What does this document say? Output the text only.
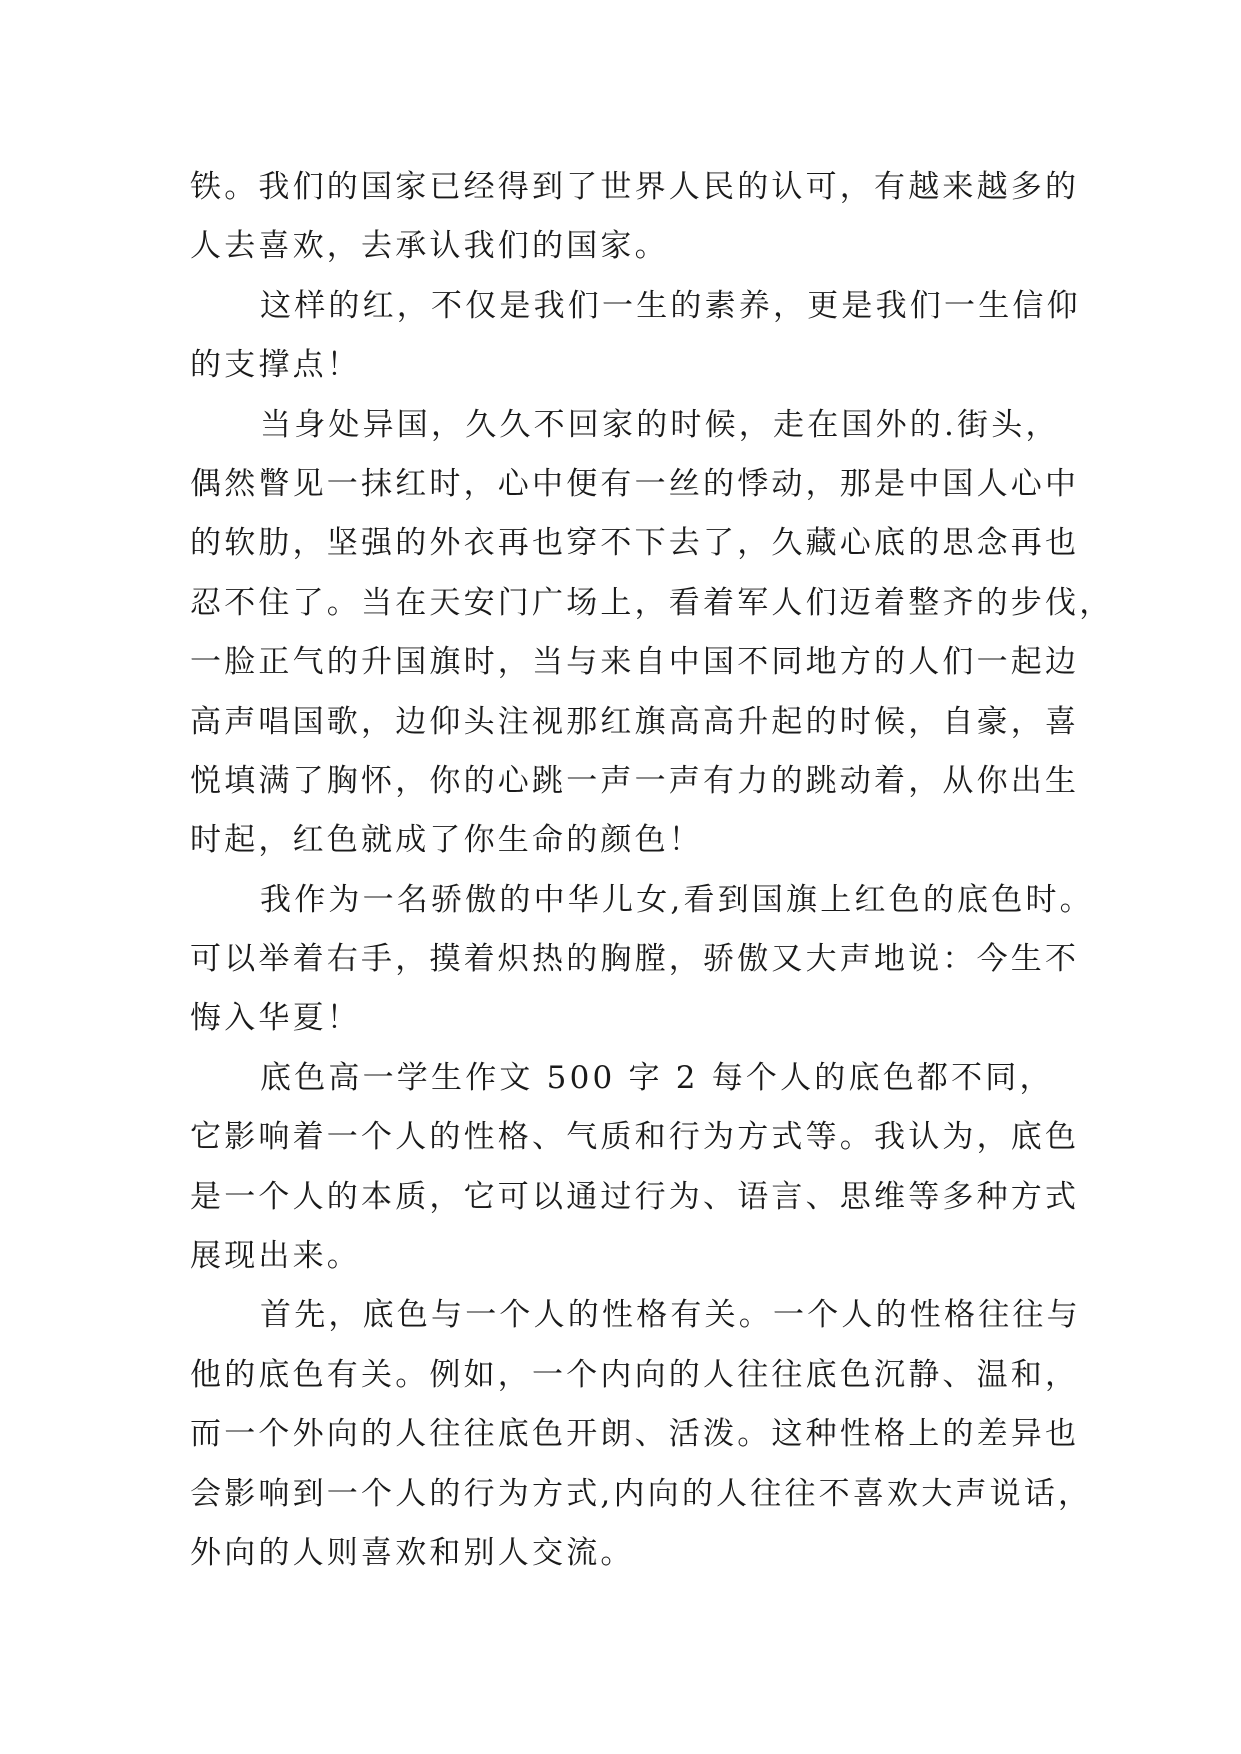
铁。我们的国家已经得到了世界人民的认可，有越来越多的
人去喜欢，去承认我们的国家。
这样的红，不仅是我们一生的素养，更是我们一生信仰
的支撑点！
当身处异国，久久不回家的时候，走在国外的.街头，
偶然瞥见一抹红时，心中便有一丝的悸动，那是中国人心中
的软肋，坚强的外衣再也穿不下去了，久藏心底的思念再也
忍不住了。当在天安门广场上，看着军人们迈着整齐的步伐，
一脸正气的升国旗时，当与来自中国不同地方的人们一起边
高声唱国歌，边仰头注视那红旗高高升起的时候，自豪，喜
悦填满了胸怀，你的心跳一声一声有力的跳动着，从你出生
时起，红色就成了你生命的颜色！
我作为一名骄傲的中华儿女,看到国旗上红色的底色时。
可以举着右手，摸着炽热的胸膛，骄傲又大声地说：今生不
悔入华夏！
底色高一学生作文 500 字 2 每个人的底色都不同，
它影响着一个人的性格、气质和行为方式等。我认为，底色
是一个人的本质，它可以通过行为、语言、思维等多种方式
展现出来。
首先，底色与一个人的性格有关。一个人的性格往往与
他的底色有关。例如，一个内向的人往往底色沉静、温和，
而一个外向的人往往底色开朗、活泼。这种性格上的差异也
会影响到一个人的行为方式,内向的人往往不喜欢大声说话，
外向的人则喜欢和别人交流。
